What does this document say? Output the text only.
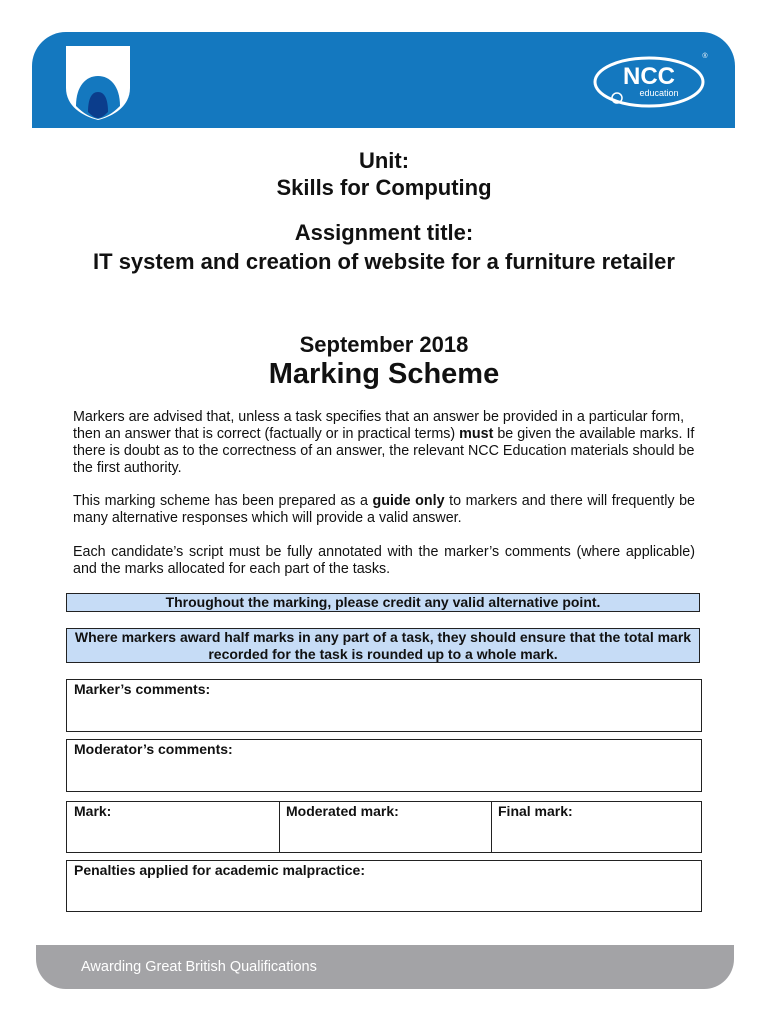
NCC
education
®
Unit:
Skills for Computing
Assignment title:
IT system and creation of website for a furniture retailer
September 2018
Marking Scheme

Markers are advised that, unless a task specifies that an answer be provided in a particular form, then an answer that is correct (factually or in practical terms) must be given the available marks. If there is doubt as to the correctness of an answer, the relevant NCC Education materials should be the first authority.

This marking scheme has been prepared as a guide only to markers and there will frequently be many alternative responses which will provide a valid answer.

Each candidate’s script must be fully annotated with the marker’s comments (where applicable) and the marks allocated for each part of the tasks.

Throughout the marking, please credit any valid alternative point.
Where markers award half marks in any part of a task, they should ensure that the total mark recorded for the task is rounded up to a whole mark.
Marker’s comments:
Moderator’s comments:
Mark:	Moderated mark:	Final mark:
Penalties applied for academic malpractice:
Awarding Great British Qualifications
